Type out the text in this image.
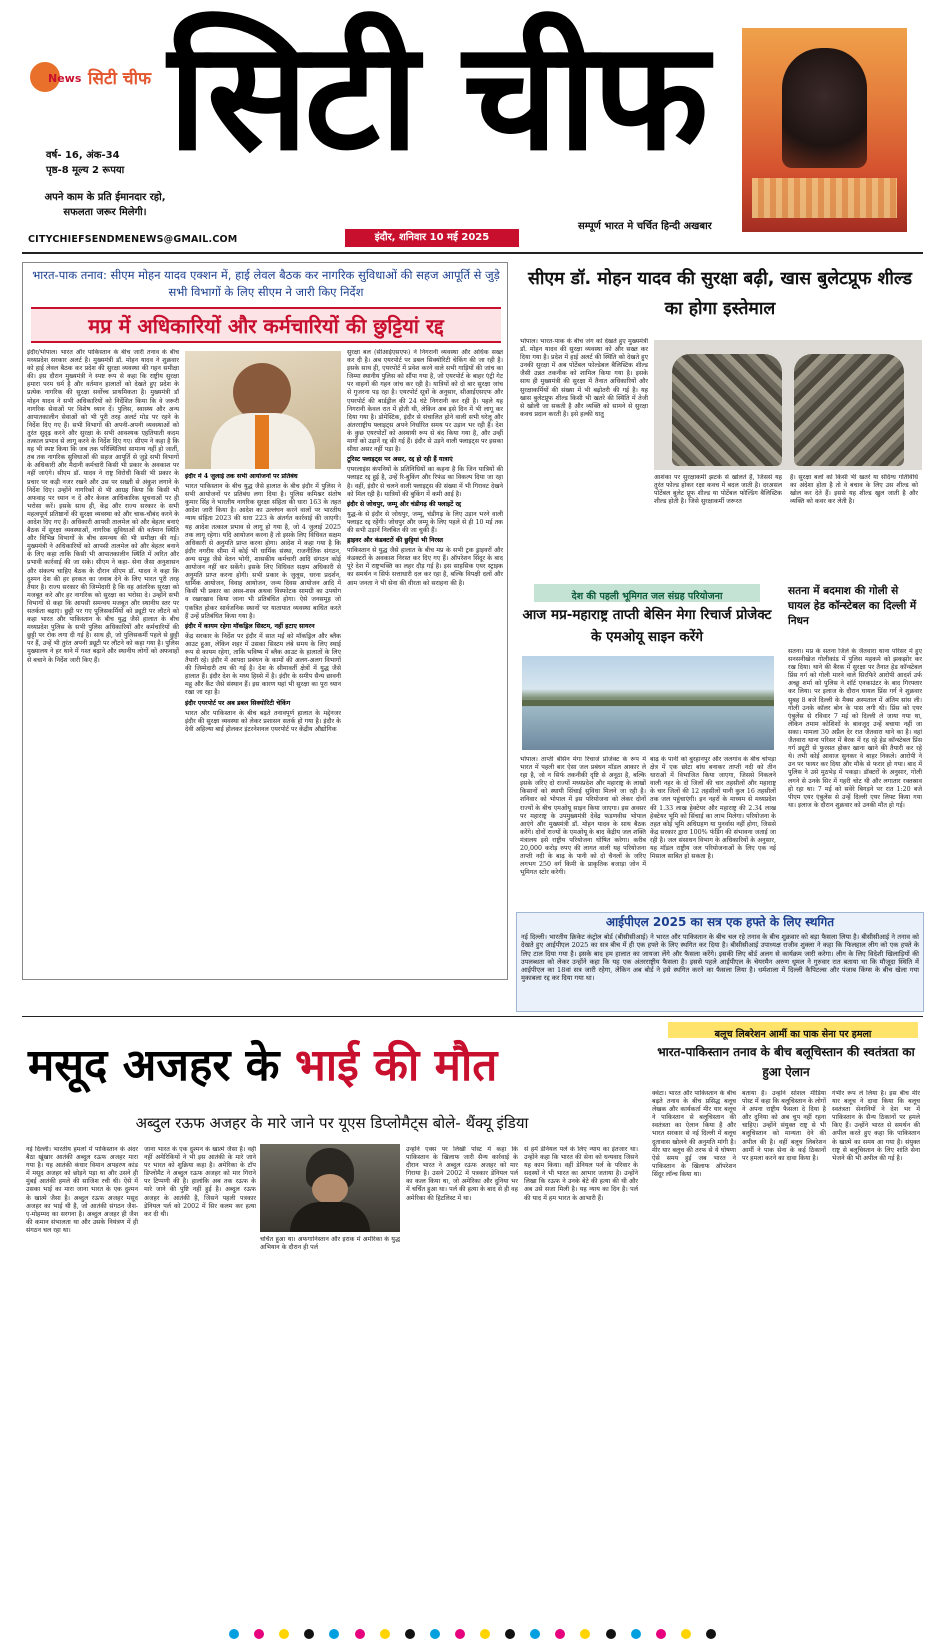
News सिटी चीफ सिटी चीफ
वर्ष- 16, अंक-34
पृष्ठ-8 मूल्य 2 रूपया
अपने काम के प्रति ईमानदार रहो,
सफलता जरूर मिलेगी।
CITYCHIEFSENDMENEWS@GMAIL.COM	इंदौर, शनिवार 10 मई 2025
सम्पूर्ण भारत मे चर्चित हिन्दी अखबार
भारत-पाक तनाव: सीएम मोहन यादव एक्शन में, हाई लेवल बैठक कर नागरिक सुविधाओं की सहज आपूर्ति से जुड़े सभी विभागों के लिए सीएम ने जारी किए निर्देश
मप्र में अधिकारियों और कर्मचारियों की छुट्टियां रद्द

इंदौर/भोपाल। भारत और पाकिस्तान के बीच जारी तनाव के बीच मध्यप्रदेश सरकार अलर्ट है। मुख्यमंत्री डॉ. मोहन यादव ने शुक्रवार को हाई लेवल बैठक कर प्रदेश की सुरक्षा व्यवस्था की गहन समीक्षा की। इस दौरान मुख्यमंत्री ने स्पष्ट रूप से कहा कि राष्ट्रीय सुरक्षा हमारा परम धर्म है और वर्तमान हालातों को देखते हुए प्रदेश के प्रत्येक नागरिक की सुरक्षा सर्वोच्च प्राथमिकता है। मुख्यमंत्री डॉ मोहन यादव ने सभी अधिकारियों को निर्देशित किया कि वे जरूरी नागरिक सेवाओं पर विशेष ध्यान दें। पुलिस, स्वास्थ्य और अन्य आपातकालीन सेवाओं को भी पूरी तरह अलर्ट मोड पर रहने के निर्देश दिए गए हैं। सभी विभागों की अपनी-अपनी व्यवस्थाओं को तुरंत सुदृढ़ करने और सुरक्षा के सभी आवश्यक एहतियाती कदम तत्काल प्रभाव से लागू करने के निर्देश दिए गए। सीएम ने कहा है कि यह भी स्पष्ट किया कि जब तक परिस्थितियां सामान्य नहीं हो जातीं, तब तक नागरिक सुविधाओं की सहज आपूर्ति से जुड़े सभी विभागों के अधिकारी और मैदानी कर्मचारी किसी भी प्रकार के अवकाश पर नहीं जाएंगे। सीएम डॉ. यादव ने राष्ट्र विरोधी किसी भी प्रकार के प्रचार पर कड़ी नजर रखने और उस पर सख्ती से अंकुश लगाने के निर्देश दिए। उन्होंने नागरिकों से भी आग्रह किया कि किसी भी अफवाह पर ध्यान न दें और केवल आधिकारिक सूचनाओं पर ही भरोसा करें। इसके साथ ही, केंद्र और राज्य सरकार के सभी महत्वपूर्ण प्रतिष्ठानों की सुरक्षा व्यवस्था को और चाक-चौबंद करने के आदेश दिए गए हैं। अधिकारी आपसी तालमेल को और बेहतर बनाएं बैठक में सुरक्षा व्यवस्थाओं, नागरिक सुविधाओं की वर्तमान स्थिति और विभिन्न विभागों के बीच समन्वय की भी समीक्षा की गई। मुख्यमंत्री ने अधिकारियों को आपसी तालमेल को और बेहतर बनाने के लिए कहा ताकि किसी भी आपातकालीन स्थिति में त्वरित और प्रभावी कार्रवाई की जा सके। सीएम ने कहा- सेना जैसा अनुशासन और संकल्प चाहिए बैठक के दौरान सीएम डॉ. यादव ने कहा कि दुश्मन देश की हर हरकत का जवाब देने के लिए भारत पूरी तरह तैयार है। राज्य सरकार की जिम्मेदारी है कि वह आंतरिक सुरक्षा को मजबूत करे और हर नागरिक को सुरक्षा का भरोसा दे। उन्होंने सभी विभागों से कहा कि आपसी समन्वय मजबूत और स्थानीय स्तर पर सतर्कता बढ़ाएं। छुट्टी पर गए पुलिसकर्मियों को ड्यूटी पर लौटने को कहा भारत और पाकिस्तान के बीच युद्ध जैसे हालात के बीच मध्यप्रदेश पुलिस के सभी पुलिस अधिकारियों और कर्मचारियों की छुट्टी पर रोक लगा दी गई है। साथ ही, जो पुलिसकर्मी पहले से छुट्टी पर हैं, उन्हें भी तुरंत अपनी ड्यूटी पर लौटने को कहा गया है। पुलिस मुख्यालय ने हर थाने में गश्त बढ़ाने और स्थानीय लोगों को अफवाहों से बचाने के निर्देश जारी किए हैं।

इंदौर में 4 जुलाई तक सभी आयोजनों पर प्रतिबंध

भारत पाकिस्तान के बीच युद्ध जैसे हालात के बीच इंदौर में पुलिस ने सभी आयोजनों पर प्रतिबंध लगा दिया है। पुलिस कमिश्नर संतोष कुमार सिंह ने भारतीय नागरिक सुरक्षा संहिता की धारा 163 के तहत आदेश जारी किया है। आदेश का उल्लंघन करने वालों पर भारतीय न्याय संहिता 2023 की धारा 223 के अंतर्गत कार्रवाई की जाएगी। यह आदेश तत्काल प्रभाव से लागू हो गया है, जो 4 जुलाई 2025 तक लागू रहेगा। यदि आयोजन करना है तो इसके लिए विधिवत सक्षम अधिकारी से अनुमति प्राप्त करना होगा। आदेश में कहा गया है कि इंदौर नगरीय सीमा में कोई भी धार्मिक संस्था, राजनीतिक संगठन, अन्य समूह जैसे वेतन भोगी, शासकीय कर्मचारी आदि संगठन कोई आयोजन नहीं कर सकेंगे। इसके लिए विधिवत सक्षम अधिकारी से अनुमति प्राप्त करना होगी। सभी प्रकार के जुलूस, धरना प्रदर्शन, धार्मिक आयोजन, विवाह आयोजन, जन्म दिवस आयोजन आदि में किसी भी प्रकार का अस्त्र-शस्त्र अथवा विस्फोटक सामग्री का उपयोग व रखरखाव किया जाना भी प्रतिबंधित होगा। ऐसे जनसमूह जो एकत्रित होकर सार्वजनिक स्थानों पर यातायात व्यवस्था बाधित करते हैं उन्हें प्रतिबंधित किया गया है।

इंदौर में कायम रहेगा मॉकड्रिल सिस्टम, नहीं हटाए सायरन

केंद्र सरकार के निर्देश पर इंदौर में सात मई को मॉकड्रिल और ब्लैक आउट हुआ, लेकिन शहर में उसका सिस्टम लंबे समय के लिए स्थाई रूप से कायम रहेगा, ताकि भविष्य में ब्लैक आउट के हालातों के लिए तैयारी रहे। इंदौर में आपदा प्रबंधन के कामों की अलग-अलग विभागों की जिम्मेदारी तय की गई है। देश के सीमावर्ती क्षेत्रों में युद्ध जैसे हालात हैं। इंदौर देश के मध्य हिस्से में है। इंदौर के समीप सैन्य छावनी महू और कैंट जैसे संस्थान हैं। इस कारण यहां भी सुरक्षा का पूरा ध्यान रखा जा रहा है।

इंदौर एयरपोर्ट पर अब डबल सिक्योरिटी चेकिंग

भारत और पाकिस्तान के बीच बढ़ते तनावपूर्ण हालात के मद्देनजर इंदौर की सुरक्षा व्यवस्था को लेकर प्रशासन सतर्क हो गया है। इंदौर के देवी अहिल्या बाई होलकर इंटरनेशनल एयरपोर्ट पर केंद्रीय औद्योगिक

सुरक्षा बल (सीआईएसएफ) ने निगरानी व्यवस्था और अधिक सख्त कर दी है। अब एयरपोर्ट पर डबल सिक्योरिटी चेकिंग की जा रही है। इसके साथ ही, एयरपोर्ट में प्रवेश करने वाले सभी गाड़ियों की जांच का जिम्मा स्थानीय पुलिस को सौंपा गया है, जो एयरपोर्ट के बाहर एंट्री गेट पर वाहनों की गहन जांच कर रही है। यात्रियों को दो बार सुरक्षा जांच से गुजरना पड़ रहा है। एयरपोर्ट सूत्रों के अनुसार, सीआईएसएफ और एयरपोर्ट की बार्डड्रील की 24 घंटे निगरानी कर रही है। पहले यह निगरानी केवल रात में होती थी, लेकिन अब इसे दिन में भी लागू कर दिया गया है। डोमेस्टिक, इंदौर से संचालित होने वाली सभी घरेलू और अंतरराष्ट्रीय फ्लाइट्स अपने निर्धारित समय पर उड़ान भर रही हैं। देश के कुछ एयरपोर्टों को अस्थायी रूप से बंद किया गया है, और उन्हीं मार्गों को उड़ानें रद्द की गई हैं। इंदौर से उड़ने वाली फ्लाइट्स पर इसका सीधा असर नहीं पड़ा है।

टूरिस्ट फ्लाइट्स पर असर, रद्द हो रही हैं यात्राएं

एयरलाइंस कंपनियों के प्रतिनिधियों का कहना है कि जिन यात्रियों की फ्लाइट रद्द हुई है, उन्हें रि-बुकिंग और रिफंड का विकल्प दिया जा रहा है। वहीं, इंदौर से चलने वाली फ्लाइट्स की संख्या में भी गिरावट देखने को मिल रही है। यात्रियों की बुकिंग में कमी आई है।

इंदौर से जोधपुर, जम्मू और चंडीगढ़ की फ्लाइटें रद्द

युद्ध-के से इंदौर से जोधपुर, जम्मू, चंडीगढ़ के लिए उड़ान भरने वाली फ्लाइट रद्द रहेंगी। जोधपुर और जम्मू के लिए पहले से ही 10 मई तक की सभी उड़ानें निलंबित की जा चुकी हैं।

ड्राइवर और कंडक्टरों की छुट्टियां भी निरस्त

पाकिस्तान से युद्ध जैसे हालात के बीच मप्र के सभी ट्रक ड्राइवरों और कंडक्टरों के अवकाश निरस्त कर दिए गए हैं। ऑपरेशन सिंदूर के बाद पूरे देश में राष्ट्रभक्ति का लहर दौड़ गई है। इस साहसिक एयर स्ट्राइक का समर्थन न सिर्फ सत्ताधारी दल कर रहा है, बल्कि विपक्षी दलों और आम जनता ने भी सेना की वीरता को सराहना की है।

सीएम डॉ. मोहन यादव की सुरक्षा बढ़ी, खास बुलेटप्रूफ शील्ड का होगा इस्तेमाल

भोपाल। भारत-पाक के बीच जंग को देखते हुए मुख्यमंत्री डॉ. मोहन यादव की सुरक्षा व्यवस्था को और सख्त कर दिया गया है। प्रदेश में हाई अलर्ट की स्थिति को देखते हुए उनकी सुरक्षा में अब पोर्टेबल फोल्डेबल बैलिस्टिक शील्ड जैसी उन्नत तकनीक को शामिल किया गया है। इसके साथ ही मुख्यमंत्री की सुरक्षा में तैनात अधिकारियों और सुरक्षाकर्मियों की संख्या में भी बढ़ोतरी की गई है। यह खास बुलेटप्रूफ शील्ड किसी भी खतरे की स्थिति में तेजी से खोली जा सकती है और व्यक्ति को सामने से सुरक्षा कवच प्रदान करती है। इसे हल्की धातु

आशंका पर सुरक्षाकर्मी झटके से खोलते हैं, जिससे यह तुरंत फोल्ड होकर रक्षा कवच में बदल जाती है। दरअसल पोर्टेबल बुलेट प्रूफ शील्ड या पोर्टेबल फोल्डिंग बैलिस्टिक शील्ड होती है। जिसे सुरक्षाकर्मी जरूरत

है। सुरक्षा बलों को किसी भी खतरे या संदिग्ध गतिविधि का अंदेशा होता है तो वे बचाव के लिए उस शील्ड को खोल कर देते हैं। इससे यह शील्ड खुल जाती है और व्यक्ति को कवर कर लेती है।

देश की पहली भूमिगत जल संग्रह परियोजना
आज मप्र-महाराष्ट्र ताप्ती बेसिन मेगा रिचार्ज प्रोजेक्ट के एमओयू साइन करेंगे

भोपाल। ताप्ती बेसिन मेगा रिचार्ज प्रोजेक्ट के रूप में भारत में पहली बार ऐसा जल प्रबंधन मॉडल आकार ले रहा है, जो न सिर्फ तकनीकी दृष्टि से अनूठा है, बल्कि इसके जरिए दो राज्यों मध्यप्रदेश और महाराष्ट्र के लाखों किसानों को स्थायी सिंचाई सुविधा मिलने जा रही है। शनिवार को भोपाल में इस परियोजना को लेकर दोनों राज्यों के बीच एमओयू साइन किया जाएगा। इस अवसर पर महाराष्ट्र के उपमुख्यमंत्री देवेंद्र फडणवीस भोपाल आएंगे और मुख्यमंत्री डॉ. मोहन यादव के साथ बैठक करेंगे। दोनों राज्यों के एमओयू के बाद केंद्रीय जल शक्ति मंत्रालय इसे राष्ट्रीय परियोजना घोषित करेगा। करीब 20,000 करोड़ रुपए की लागत वाली यह परियोजना ताप्ती नदी के बाढ़ के पानी को दो चैनलों के जरिए लगभग 250 वर्ग किमी के प्राकृतिक बजाड़ा जोन में भूमिगत स्टोर करेगी।

बाढ़ के पानी को बुरहानपुर और जलगांव के बीच चोपड़ा क्षेत्र में एक छोटा बांध बनाकर ताप्ती नदी को तीन धाराओं में विभाजित किया जाएगा, जिससे निकलने वाली नहर के दो जिलों की चार तहसीलों और महाराष्ट्र के चार जिलों की 12 तहसीलों यानी कुल 16 तहसीलों तक जल पहुंचाएंगी। इन नहरों के माध्यम से मध्यप्रदेश की 1.33 लाख हेक्टेयर और महाराष्ट्र की 2.34 लाख हेक्टेयर भूमि को सिंचाई का लाभ मिलेगा। परियोजना के तहत कोई भूमि अधिग्रहण या पुनर्वास नहीं होगा, जिससे केंद्र सरकार द्वारा 100% फंडिंग की संभावना जताई जा रही है। जल संसाधन विभाग के अधिकारियों के अनुसार, यह मॉडल राष्ट्रीय जल परियोजनाओं के लिए एक नई मिसाल साबित हो सकता है।

सतना में बदमाश की गोली से घायल हेड कॉन्स्टेबल का दिल्ली में निधन

सतना। मप्र के सतना जिले के जैतवारा थाना परिसर में हुए सनसनीखेज गोलीकांड में पुलिस महकमे को झकझोर कर रख दिया। थाने की बैरक में सुरक्षा पर तैनात हेड कॉन्स्टेबल प्रिंस गर्ग को गोली मारने वाले सिरफिरे आरोपी आदर्श उर्फ अच्छू शर्मा को पुलिस ने शॉर्ट एनकाउंटर के बाद गिरफ्तार कर लिया। पर इलाज के दौरान घायल प्रिंस गर्ग ने शुक्रवार सुबह 8 बजे दिल्ली के मैक्स अस्पताल में अंतिम सांस ली। गोली उनके कॉलर बोन के पास लगी थी। प्रिंस को एयर एंबुलेंस से रविवार 7 मई को दिल्ली ले जाया गया था, लेकिन तमाम कोशिशों के बावजूद उन्हें बचाया नहीं जा सका। मामला 30 अप्रैल देर रात जैतवारा थाने का है। वहां जैतवारा थाना परिसर में बैरक में रह रहे हेड कॉन्स्टेबल प्रिंस गर्ग ड्यूटी से फुरसत होकर खाना खाने की तैयारी कर रहे थे। तभी कोई आवाज सुनकर वे बाहर निकले। आरोपी ने उन पर फायर कर दिया और मौके से फरार हो गया। बाद में पुलिस ने उसे मुठभेड़ में पकड़ा। डॉक्टरों के अनुसार, गोली लगने से उनके सिर में गहरी चोट थी और लगातार रक्तस्राव हो रहा था। 7 मई को सवेरे बिगड़ने पर रात 1:20 बजे पीएम एयर एंबुलेंस से उन्हें दिल्ली एयर लिफ्ट किया गया था। इलाज के दौरान शुक्रवार को उनकी मौत हो गई।

आईपीएल 2025 का सत्र एक हफ्ते के लिए स्थगित

नई दिल्ली। भारतीय क्रिकेट कंट्रोल बोर्ड (बीसीसीआई) ने भारत और पाकिस्तान के बीच चल रहे तनाव के बीच शुक्रवार को बड़ा फैसला लिया है। बीसीसीआई ने तनाव को देखते हुए आईपीएल 2025 का सत्र बीच में ही एक हफ्ते के लिए स्थगित कर दिया है। बीसीसीआई उपाध्यक्ष राजीव शुक्ला ने कहा कि फिलहाल लीग को एक हफ्ते के लिए टाल दिया गया है। इसके बाद हम हालात का जायजा लेंगे और फैसला करेंगे। इसकी लिए बोर्ड अलग से कार्यक्रम जारी करेगा। लीग के लिए विदेशी खिलाड़ियों की उपलब्धता को लेकर उन्होंने कहा कि यह एक अंतरराष्ट्रीय फैसला है। इससे पहले आईपीएल के चेयरमैन अरुण धूमल ने गुरुवार रात बताया था कि मौजूदा स्थिति में आईपीएल का 18वां सत्र जारी रहेगा, लेकिन अब बोर्ड ने इसे स्थगित करने का फैसला लिया है। धर्मशाला में दिल्ली कैपिटल्स और पंजाब किंग्स के बीच खेला गया मुकाबला रद्द कर दिया गया था।

मसूद अजहर के भाई की मौत
अब्दुल रऊफ अजहर के मारे जाने पर यूएस डिप्लोमैट्स बोले- थैंक्यू इंडिया

नई दिल्ली। भारतीय हमलों में पाकिस्तान के अंदर बैठा खूंखार आतंकी अब्दुल रऊफ अजहर मारा गया है। यह आतंकी कंधार विमान अपहरण कांड में मसूद अजहर को छोड़ने पड़ा था और उसने ही मुंबई आतंकी हमले की साजिश रची थी। ऐसे में उसका भाई का मारा जाना भारत के एक दुश्मन के खात्मे जैसा है। अब्दुल रऊफ अजहर मसूद अजहर का भाई थी है, जो आतंकी संगठन जैश-ए-मोहम्मद का सरगना है। अब्दुल अजहर ही जैश की कमान संभालता था और उसके नियंत्रण में ही संगठन चल रहा था।

जाना भारत के एक दुश्मन के खात्मे जैसा है। वहीं नहीं अमेरिकियों ने भी इस आतंकी के मारे जाने पर भारत को शुक्रिया कहा है। अमेरिका के टॉप डिप्लोमैट ने अब्दुल रऊफ अजहर को मार गिराने पर टिप्पणी की है। हालांकि अब तक रऊफ के मारे जाने की पुष्टि नहीं हुई है। अब्दुल रऊफ अजहर के आतंकी है, जिसने पहली पत्रकार डेनियल पर्ल को 2002 में सिर कलम कर हत्या कर दी थी।

चर्चित हुआ था। अफगानिस्तान और इराक में अमेरिका के युद्ध अभियान के दौरान ही पर्ल

उन्होंने एक्स पर लिखी पोस्ट में कहा कि पाकिस्तान के खिलाफ जारी सैन्य कार्रवाई के दौरान भारत ने अब्दुल रऊफ अजहर को मार गिराया है। उसने 2002 में पत्रकार डेनियल पर्ल का कत्ल किया था, जो अमेरिका और दुनिया भर में चर्चित हुआ था। पर्ल की हत्या के बाद से ही वह अमेरिका की हिटलिस्ट में था।

से हमें डेनियल पर्ल के लिए न्याय का इंतजार था। उन्होंने कहा कि भारत की सेना को धन्यवाद जिसने यह काम किया। वहीं डेनियल पर्ल के परिवार के सदस्यों ने भी भारत का आभार जताया है। उन्होंने लिखा कि रऊफ ने उनके बेटे की हत्या की थी और अब उसे सजा मिली है। यह न्याय का दिन है। पर्ल की याद में हम भारत के आभारी हैं।

बलूच लिबरेशन आर्मी का पाक सेना पर हमला
भारत-पाकिस्तान तनाव के बीच बलूचिस्तान की स्वतंत्रता का हुआ ऐलान

क्वेटा। भारत और पाकिस्तान के बीच बढ़ते तनाव के बीच प्रसिद्ध बलूच लेखक और कार्यकर्ता मीर यार बलूच ने पाकिस्तान से बलूचिस्तान की स्वतंत्रता का ऐलान किया है और भारत सरकार से नई दिल्ली में बलूच दूतावास खोलने की अनुमति मांगी है। मीर यार बलूच की तरफ से ये घोषणा ऐसे समय हुई जब भारत ने पाकिस्तान के खिलाफ ऑपरेशन सिंदूर लॉन्च किया था।

बताया है। उन्होंने सोशल मीडिया पोस्ट में कहा कि बलूचिस्तान के लोगों ने अपना राष्ट्रीय फैसला दे दिया है और दुनिया को अब चुप नहीं रहना चाहिए। उन्होंने संयुक्त राष्ट्र से भी बलूचिस्तान को मान्यता देने की अपील की है। वहीं बलूच लिबरेशन आर्मी ने पाक सेना के कई ठिकानों पर हमला करने का दावा किया है।

गंभीर रूप ले लिया है। इस बीच मीर यार बलूच ने दावा किया कि बलूच स्वतंत्रता सेनानियों ने देश भर में पाकिस्तान के सैन्य ठिकानों पर हमले किए हैं। उन्होंने भारत से समर्थन की अपील करते हुए कहा कि पाकिस्तान के खात्मे का समय आ गया है। संयुक्त राष्ट्र से बलूचिस्तान के लिए शांति सेना भेजने की भी अपील की गई है।
